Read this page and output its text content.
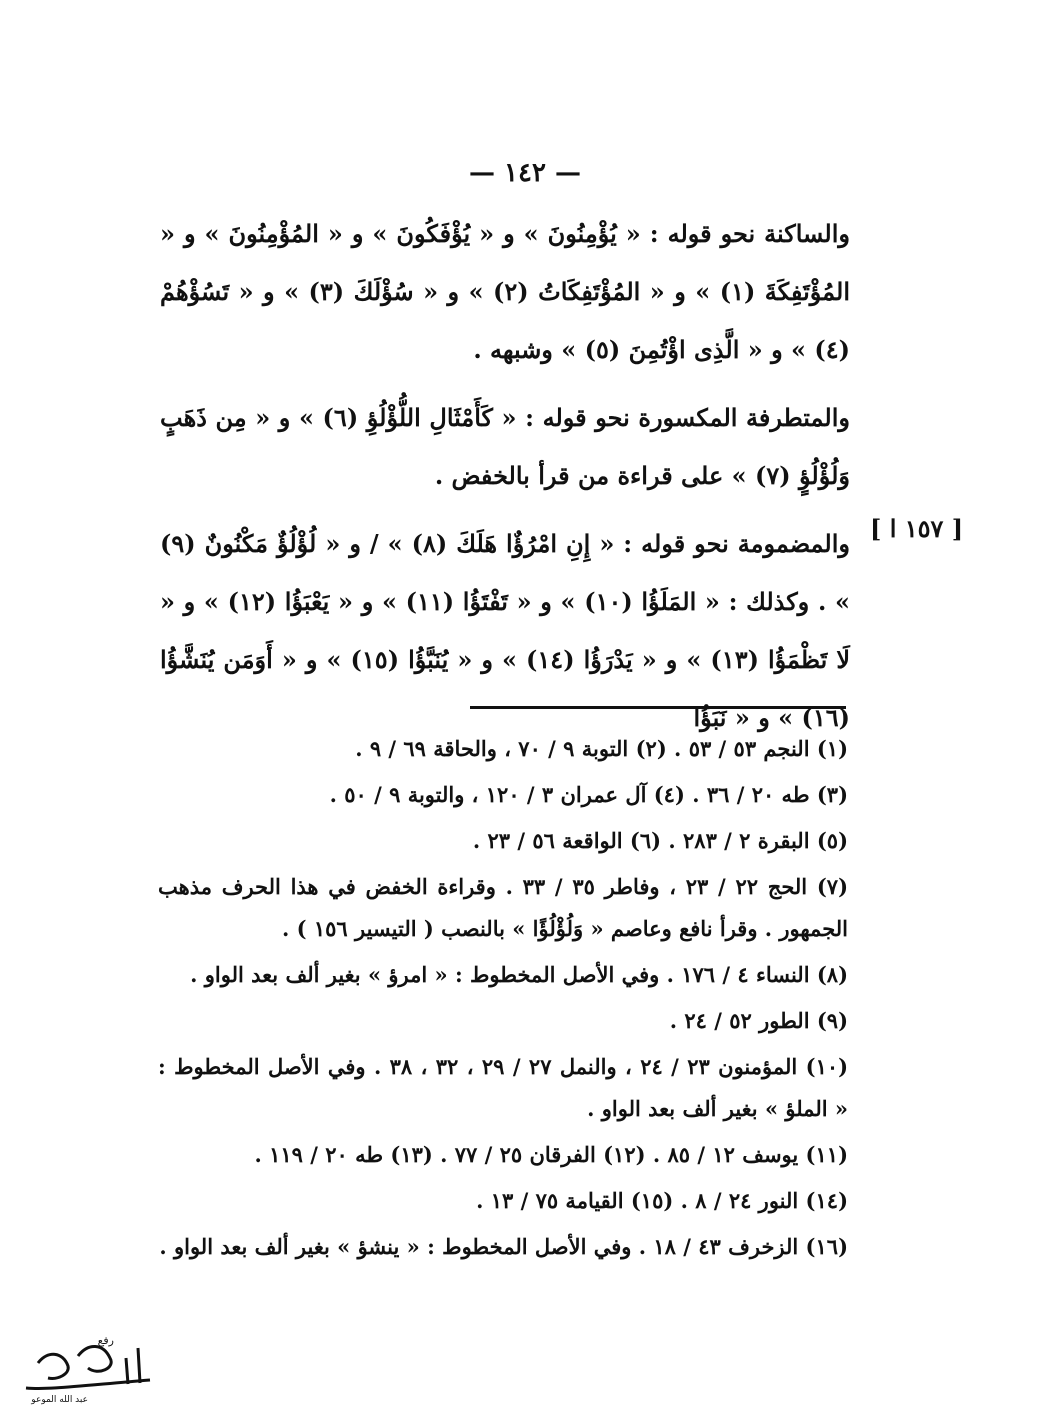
— ١٤٢ —
[ ١٥٧ ا ]

والساكنة نحو قوله : « يُؤْمِنُونَ » و « يُؤْفَكُونَ » و « المُؤْمِنُونَ » و « المُؤْتَفِكَةَ (١) » و « المُؤْتَفِكَاتُ (٢) » و « سُؤْلَكَ (٣) » و « تَسُؤْهُمْ (٤) » و « الَّذِى اؤْتُمِنَ (٥) » وشبهه .

والمتطرفة المكسورة نحو قوله : « كَأَمْثَالِ اللُّؤْلُؤِ (٦) » و « مِن ذَهَبٍ وَلُؤْلُؤٍ (٧) » على قراءة من قرأ بالخفض .

والمضمومة نحو قوله : « إِنِ امْرُؤٌا هَلَكَ (٨) » / و « لُؤْلُؤٌ مَكْنُونٌ (٩) » . وكذلك : « المَلَؤُا (١٠) » و « تَفْتَؤُا (١١) » و « يَعْبَؤُا (١٢) » و « لَا تَظْمَؤُا (١٣) » و « يَدْرَؤُا (١٤) » و « يُنَبَّؤُا (١٥) » و « أَوَمَن يُنَشَّؤُا (١٦) » و « نَبَؤُا

(١) النجم ٥٣ / ٥٣ . (٢) التوبة ٩ / ٧٠ ، والحاقة ٦٩ / ٩ .

(٣) طه ٢٠ / ٣٦ . (٤) آل عمران ٣ / ١٢٠ ، والتوبة ٩ / ٥٠ .

(٥) البقرة ٢ / ٢٨٣ . (٦) الواقعة ٥٦ / ٢٣ .

(٧) الحج ٢٢ / ٢٣ ، وفاطر ٣٥ / ٣٣ . وقراءة الخفض في هذا الحرف مذهب الجمهور . وقرأ نافع وعاصم « وَلُؤْلُؤًا » بالنصب ( التيسير ١٥٦ ) .

(٨) النساء ٤ / ١٧٦ . وفي الأصل المخطوط : « امرؤ » بغير ألف بعد الواو .

(٩) الطور ٥٢ / ٢٤ .

(١٠) المؤمنون ٢٣ / ٢٤ ، والنمل ٢٧ / ٢٩ ، ٣٢ ، ٣٨ . وفي الأصل المخطوط : « الملؤ » بغير ألف بعد الواو .

(١١) يوسف ١٢ / ٨٥ . (١٢) الفرقان ٢٥ / ٧٧ . (١٣) طه ٢٠ / ١١٩ .

(١٤) النور ٢٤ / ٨ . (١٥) القيامة ٧٥ / ١٣ .

(١٦) الزخرف ٤٣ / ١٨ . وفي الأصل المخطوط : « ينشؤ » بغير ألف بعد الواو .

رفع
عبد الله الموعو
